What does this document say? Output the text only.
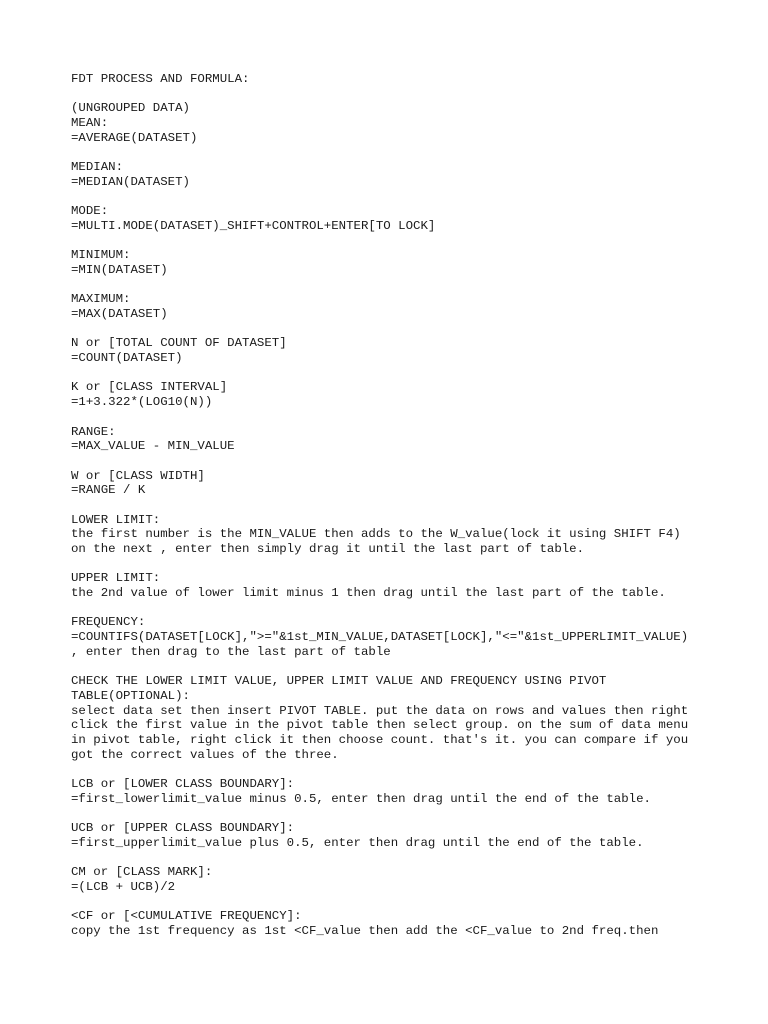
FDT PROCESS AND FORMULA:
(UNGROUPED DATA)
MEAN:
=AVERAGE(DATASET)
MEDIAN:
=MEDIAN(DATASET)
MODE:
=MULTI.MODE(DATASET)_SHIFT+CONTROL+ENTER[TO LOCK]
MINIMUM:
=MIN(DATASET)
MAXIMUM:
=MAX(DATASET)
N or [TOTAL COUNT OF DATASET]
=COUNT(DATASET)
K or [CLASS INTERVAL]
=1+3.322*(LOG10(N))
RANGE:
=MAX_VALUE - MIN_VALUE
W or [CLASS WIDTH]
=RANGE / K
LOWER LIMIT:
the first number is the MIN_VALUE then adds to the W_value(lock it using SHIFT F4)
on the next , enter then simply drag it until the last part of table.
UPPER LIMIT:
the 2nd value of lower limit minus 1 then drag until the last part of the table.
FREQUENCY:
=COUNTIFS(DATASET[LOCK],">="&1st_MIN_VALUE,DATASET[LOCK],"<="&1st_UPPERLIMIT_VALUE)
, enter then drag to the last part of table
CHECK THE LOWER LIMIT VALUE, UPPER LIMIT VALUE AND FREQUENCY USING PIVOT
TABLE(OPTIONAL):
select data set then insert PIVOT TABLE. put the data on rows and values then right
click the first value in the pivot table then select group. on the sum of data menu
in pivot table, right click it then choose count. that's it. you can compare if you
got the correct values of the three.
LCB or [LOWER CLASS BOUNDARY]:
=first_lowerlimit_value minus 0.5, enter then drag until the end of the table.
UCB or [UPPER CLASS BOUNDARY]:
=first_upperlimit_value plus 0.5, enter then drag until the end of the table.
CM or [CLASS MARK]:
=(LCB + UCB)/2
<CF or [<CUMULATIVE FREQUENCY]:
copy the 1st frequency as 1st <CF_value then add the <CF_value to 2nd freq.then
